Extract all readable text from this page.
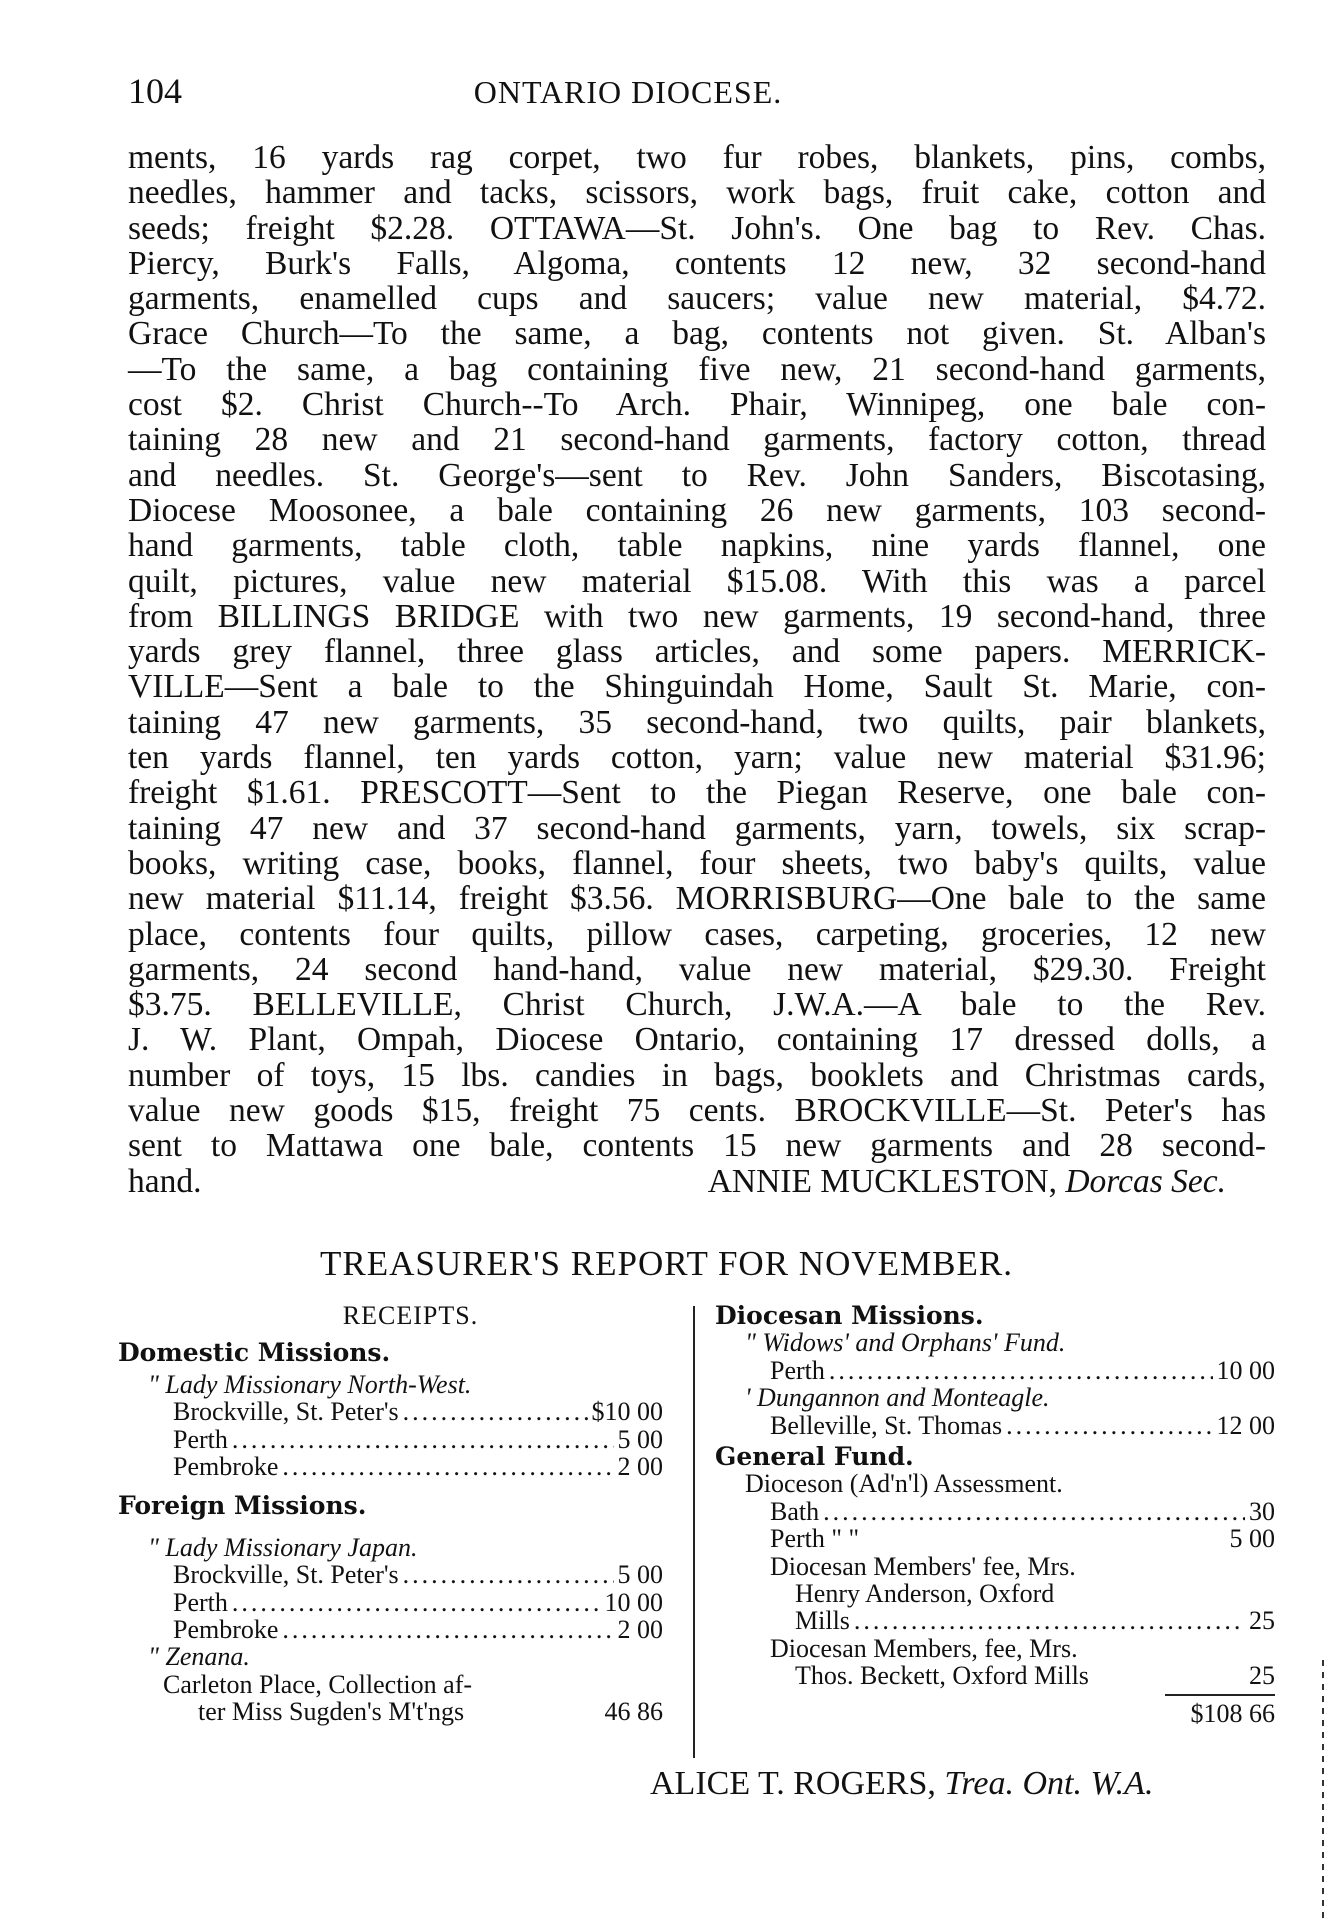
104	ONTARIO DIOCESE.
ments, 16 yards rag corpet, two fur robes, blankets, pins, combs,
needles, hammer and tacks, scissors, work bags, fruit cake, cotton and
seeds; freight $2.28. OTTAWA—St. John's. One bag to Rev. Chas.
Piercy, Burk's Falls, Algoma, contents 12 new, 32 second-hand
garments, enamelled cups and saucers; value new material, $4.72.
Grace Church—To the same, a bag, contents not given. St. Alban's
—To the same, a bag containing five new, 21 second-hand garments,
cost $2. Christ Church--To Arch. Phair, Winnipeg, one bale con-
taining 28 new and 21 second-hand garments, factory cotton, thread
and needles. St. George's—sent to Rev. John Sanders, Biscotasing,
Diocese Moosonee, a bale containing 26 new garments, 103 second-
hand garments, table cloth, table napkins, nine yards flannel, one
quilt, pictures, value new material $15.08. With this was a parcel
from BILLINGS BRIDGE with two new garments, 19 second-hand, three
yards grey flannel, three glass articles, and some papers. MERRICK-
VILLE—Sent a bale to the Shinguindah Home, Sault St. Marie, con-
taining 47 new garments, 35 second-hand, two quilts, pair blankets,
ten yards flannel, ten yards cotton, yarn; value new material $31.96;
freight $1.61. PRESCOTT—Sent to the Piegan Reserve, one bale con-
taining 47 new and 37 second-hand garments, yarn, towels, six scrap-
books, writing case, books, flannel, four sheets, two baby's quilts, value
new material $11.14, freight $3.56. MORRISBURG—One bale to the same
place, contents four quilts, pillow cases, carpeting, groceries, 12 new
garments, 24 second hand-hand, value new material, $29.30. Freight
$3.75. BELLEVILLE, Christ Church, J.W.A.—A bale to the Rev.
J. W. Plant, Ompah, Diocese Ontario, containing 17 dressed dolls, a
number of toys, 15 lbs. candies in bags, booklets and Christmas cards,
value new goods $15, freight 75 cents. BROCKVILLE—St. Peter's has
sent to Mattawa one bale, contents 15 new garments and 28 second-
hand.	ANNIE MUCKLESTON, Dorcas Sec.
TREASURER'S REPORT FOR NOVEMBER.
RECEIPTS.
Domestic Missions.
" Lady Missionary North-West.
Brockville, St. Peter's .....	$10 00
Perth .....	5 00
Pembroke .....	2 00
Foreign Missions.
" Lady Missionary Japan.
Brockville, St. Peter's .....	5 00
Perth .....	10 00
Pembroke .....	2 00
" Zenana.
Carleton Place, Collection af-
ter Miss Sugden's M't'ngs	46 86
Diocesan Missions.
" Widows' and Orphans' Fund.
Perth .....	10 00
' Dungannon and Monteagle.
Belleville, St. Thomas .....	12 00
General Fund.
Dioceson (Ad'n'l) Assessment.
Bath .....	30
Perth " "	5 00
Diocesan Members' fee, Mrs.
Henry Anderson, Oxford
Mills .....	25
Diocesan Members, fee, Mrs.
Thos. Beckett, Oxford Mills	25
$108 66
ALICE T. ROGERS, Trea. Ont. W.A.
